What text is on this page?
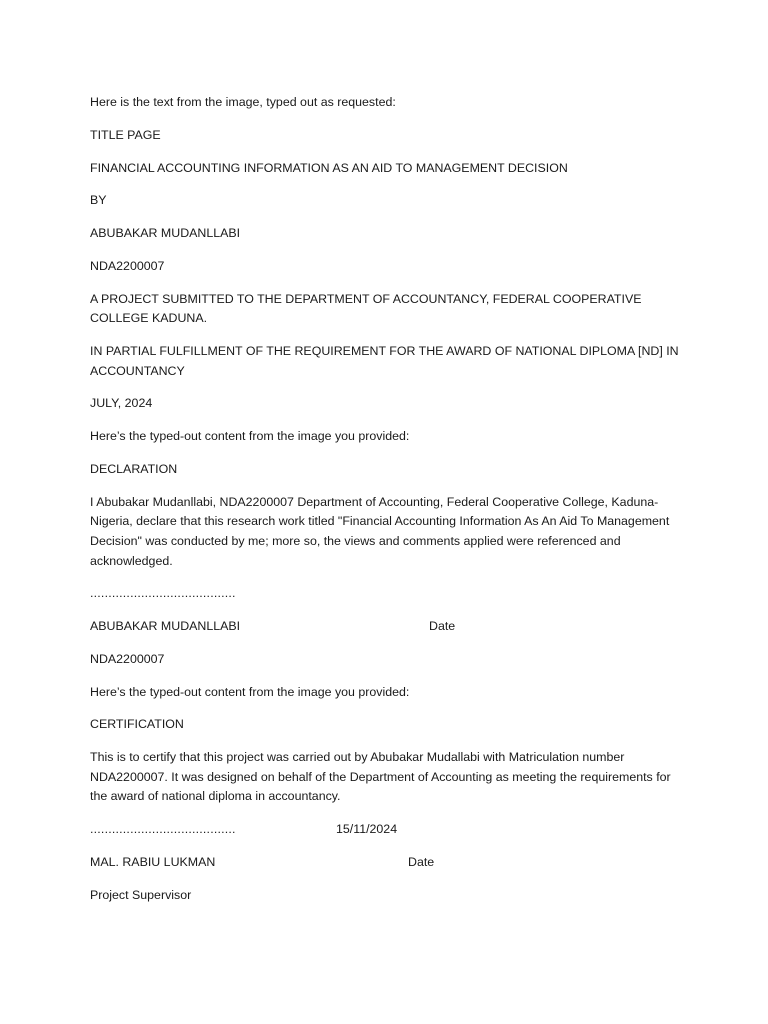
Here is the text from the image, typed out as requested:

TITLE PAGE

FINANCIAL ACCOUNTING INFORMATION AS AN AID TO MANAGEMENT DECISION

BY

ABUBAKAR MUDANLLABI

NDA2200007

A PROJECT SUBMITTED TO THE DEPARTMENT OF ACCOUNTANCY, FEDERAL COOPERATIVE COLLEGE KADUNA.

IN PARTIAL FULFILLMENT OF THE REQUIREMENT FOR THE AWARD OF NATIONAL DIPLOMA [ND] IN ACCOUNTANCY

JULY, 2024

Here’s the typed-out content from the image you provided:

DECLARATION

I Abubakar Mudanllabi, NDA2200007 Department of Accounting, Federal Cooperative College, Kaduna-Nigeria, declare that this research work titled "Financial Accounting Information As An Aid To Management Decision" was conducted by me; more so, the views and comments applied were referenced and acknowledged.

........................................

ABUBAKAR MUDANLLABI	Date

NDA2200007

Here’s the typed-out content from the image you provided:

CERTIFICATION

This is to certify that this project was carried out by Abubakar Mudallabi with Matriculation number NDA2200007. It was designed on behalf of the Department of Accounting as meeting the requirements for the award of national diploma in accountancy.

........................................	15/11/2024
MAL. RABIU LUKMAN	Date

Project Supervisor
